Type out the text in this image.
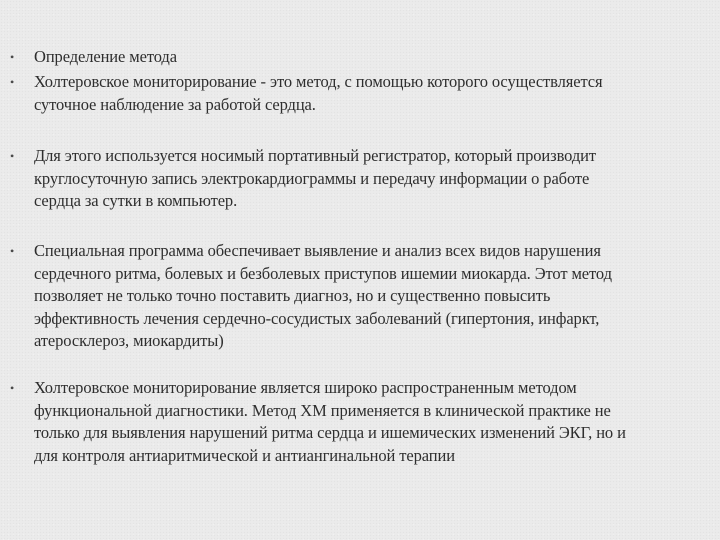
• Определение метода
• Холтеровское мониторирование - это метод, с помощью которого осуществляется
суточное наблюдение за работой сердца.
• Для этого используется носимый портативный регистратор, который производит
круглосуточную запись электрокардиограммы и передачу информации о работе
сердца за сутки в компьютер.
• Специальная программа обеспечивает выявление и анализ всех видов нарушения
сердечного ритма, болевых и безболевых приступов ишемии миокарда. Этот метод
позволяет не только точно поставить диагноз, но и существенно повысить
эффективность лечения сердечно-сосудистых заболеваний (гипертония, инфаркт,
атеросклероз, миокардиты)
• Холтеровское мониторирование является широко распространенным методом
функциональной диагностики. Метод ХМ применяется в клинической практике не
только для выявления нарушений ритма сердца и ишемических изменений ЭКГ, но и
для контроля антиаритмической и антиангинальной терапии
